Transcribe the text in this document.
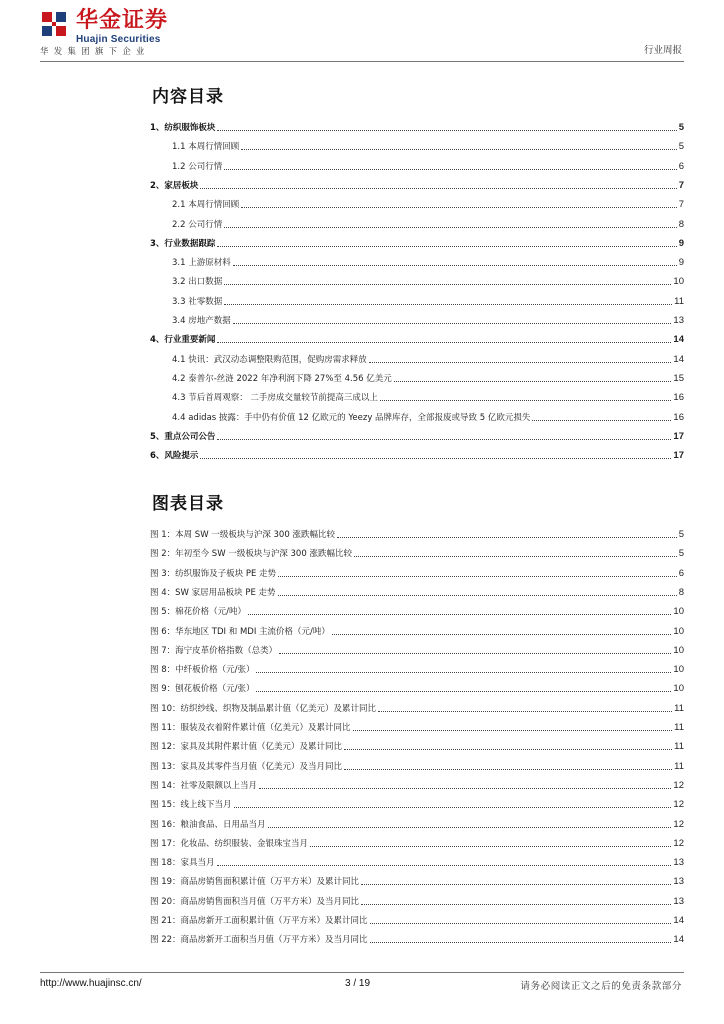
华金证券
Huajin Securities
华发集团旗下企业	行业周报
内容目录
1、纺织服饰板块	5
1.1 本周行情回顾	5
1.2 公司行情	6
2、家居板块	7
2.1 本周行情回顾	7
2.2 公司行情	8
3、行业数据跟踪	9
3.1 上游原材料	9
3.2 出口数据	10
3.3 社零数据	11
3.4 房地产数据	13
4、行业重要新闻	14
4.1 快讯：武汉动态调整限购范围，促购房需求释放	14
4.2 泰普尔-丝涟 2022 年净利润下降 27%至 4.56 亿美元	15
4.3 节后首周观察： 二手房成交量较节前提高三成以上	16
4.4 adidas 披露：手中仍有价值 12 亿欧元的 Yeezy 品牌库存，全部报废或导致 5 亿欧元损失	16
5、重点公司公告	17
6、风险提示	17
图表目录
图 1：本周 SW 一级板块与沪深 300 涨跌幅比较	5
图 2：年初至今 SW 一级板块与沪深 300 涨跌幅比较	5
图 3：纺织服饰及子板块 PE 走势	6
图 4：SW 家居用品板块 PE 走势	8
图 5：棉花价格（元/吨）	10
图 6：华东地区 TDI 和 MDI 主流价格（元/吨）	10
图 7：海宁皮革价格指数（总类）	10
图 8：中纤板价格（元/张）	10
图 9：刨花板价格（元/张）	10
图 10：纺织纱线、织物及制品累计值（亿美元）及累计同比	11
图 11：服装及衣着附件累计值（亿美元）及累计同比	11
图 12：家具及其附件累计值（亿美元）及累计同比	11
图 13：家具及其零件当月值（亿美元）及当月同比	11
图 14：社零及限额以上当月	12
图 15：线上线下当月	12
图 16：粮油食品、日用品当月	12
图 17：化妆品、纺织服装、金银珠宝当月	12
图 18：家具当月	13
图 19：商品房销售面积累计值（万平方米）及累计同比	13
图 20：商品房销售面积当月值（万平方米）及当月同比	13
图 21：商品房新开工面积累计值（万平方米）及累计同比	14
图 22：商品房新开工面积当月值（万平方米）及当月同比	14
http://www.huajinsc.cn/	3 / 19	请务必阅读正文之后的免责条款部分
